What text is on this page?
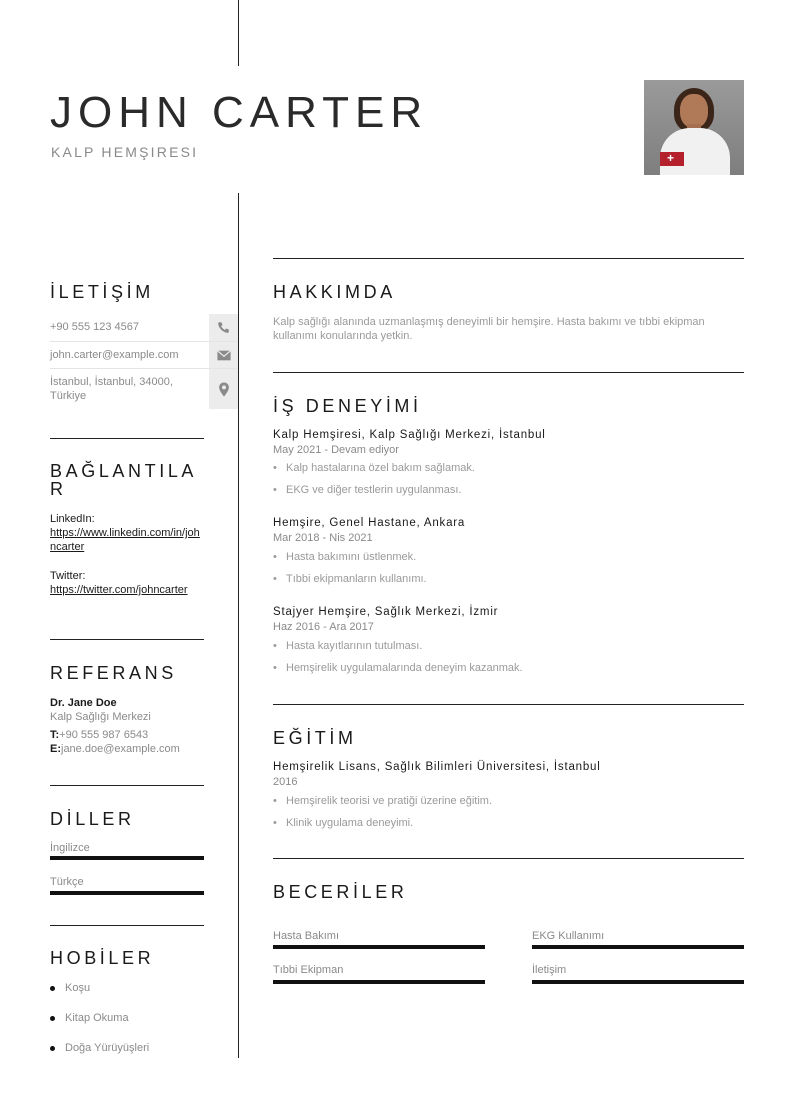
JOHN CARTER
KALP HEMŞIRESI
+
İLETİŞİM
+90 555 123 4567
john.carter@example.com
İstanbul, İstanbul, 34000, Türkiye
BAĞLANTILAR
LinkedIn:
https://www.linkedin.com/in/johncarter
Twitter:
https://twitter.com/johncarter
REFERANS
Dr. Jane Doe
Kalp Sağlığı Merkezi
T:+90 555 987 6543
E:jane.doe@example.com
DİLLER
İngilizce
Türkçe
HOBİLER
Koşu
Kitap Okuma
Doğa Yürüyüşleri
HAKKIMDA
Kalp sağlığı alanında uzmanlaşmış deneyimli bir hemşire. Hasta bakımı ve tıbbi ekipman kullanımı konularında yetkin.
İŞ DENEYİMİ
Kalp Hemşiresi, Kalp Sağlığı Merkezi, İstanbul
May 2021 - Devam ediyor
• Kalp hastalarına özel bakım sağlamak.
• EKG ve diğer testlerin uygulanması.
Hemşire, Genel Hastane, Ankara
Mar 2018 - Nis 2021
• Hasta bakımını üstlenmek.
• Tıbbi ekipmanların kullanımı.
Stajyer Hemşire, Sağlık Merkezi, İzmir
Haz 2016 - Ara 2017
• Hasta kayıtlarının tutulması.
• Hemşirelik uygulamalarında deneyim kazanmak.
EĞİTİM
Hemşirelik Lisans, Sağlık Bilimleri Üniversitesi, İstanbul
2016
• Hemşirelik teorisi ve pratiği üzerine eğitim.
• Klinik uygulama deneyimi.
BECERİLER
Hasta Bakımı	EKG Kullanımı
Tıbbi Ekipman	İletişim
